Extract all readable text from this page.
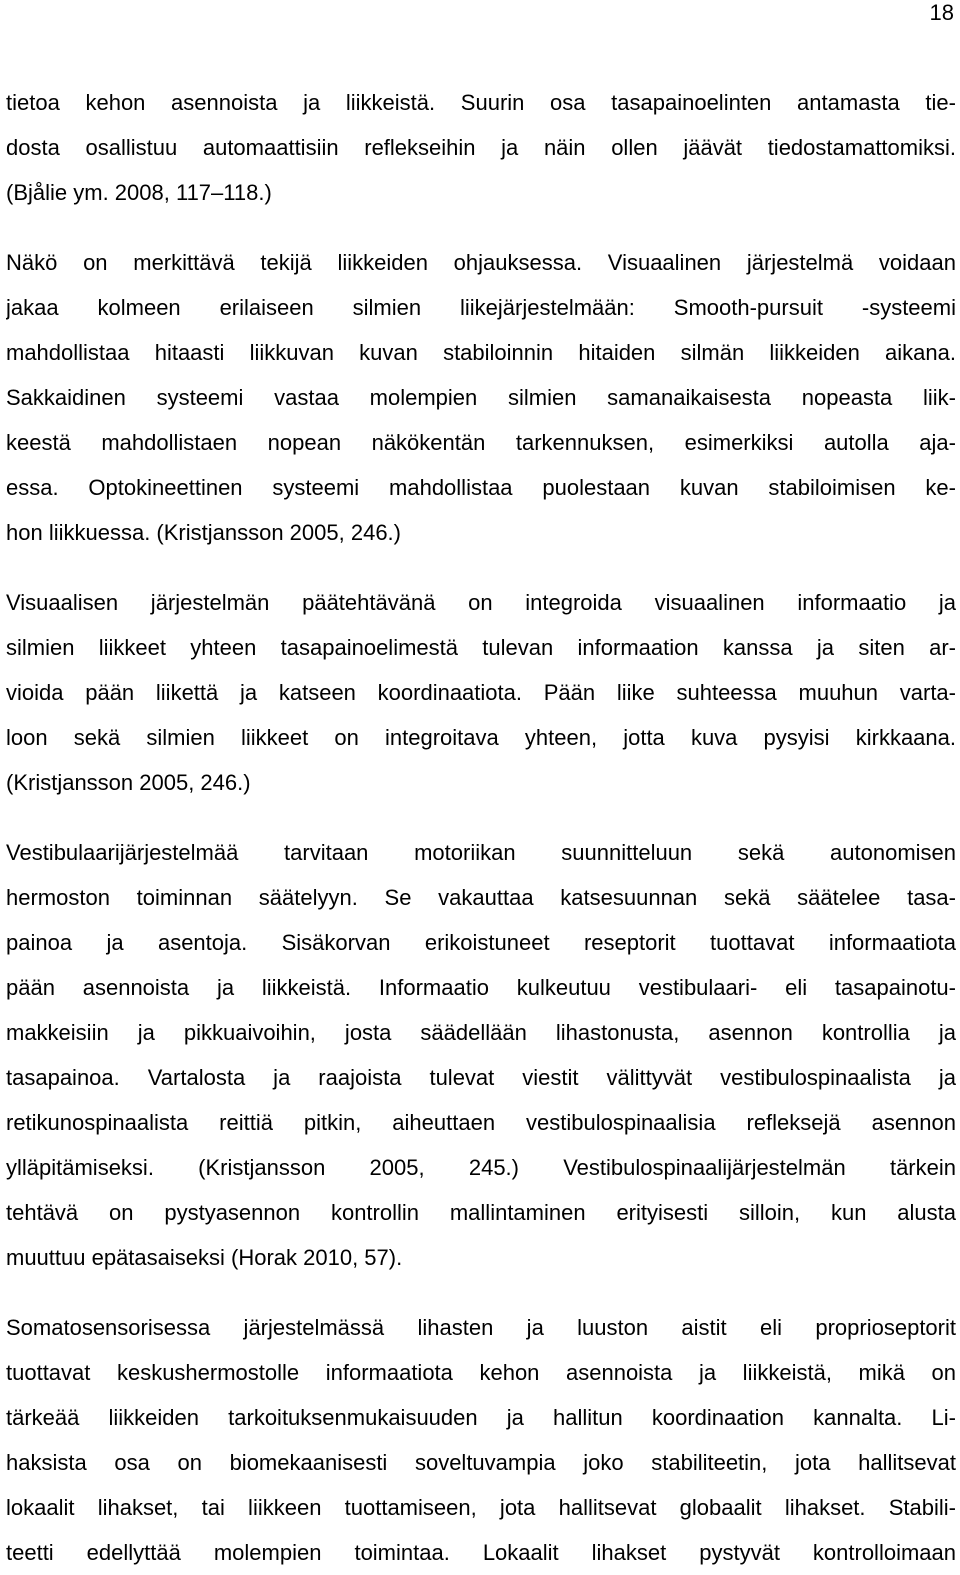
18
tietoa kehon asennoista ja liikkeistä. Suurin osa tasapainoelinten antamasta tie-
dosta osallistuu automaattisiin reflekseihin ja näin ollen jäävät tiedostamattomiksi.
(Bjålie ym. 2008, 117–118.)
Näkö on merkittävä tekijä liikkeiden ohjauksessa. Visuaalinen järjestelmä voidaan
jakaa kolmeen erilaiseen silmien liikejärjestelmään: Smooth-pursuit -systeemi
mahdollistaa hitaasti liikkuvan kuvan stabiloinnin hitaiden silmän liikkeiden aikana.
Sakkaidinen systeemi vastaa molempien silmien samanaikaisesta nopeasta liik-
keestä mahdollistaen nopean näkökentän tarkennuksen, esimerkiksi autolla aja-
essa. Optokineettinen systeemi mahdollistaa puolestaan kuvan stabiloimisen ke-
hon liikkuessa. (Kristjansson 2005, 246.)
Visuaalisen järjestelmän päätehtävänä on integroida visuaalinen informaatio ja
silmien liikkeet yhteen tasapainoelimestä tulevan informaation kanssa ja siten ar-
vioida pään liikettä ja katseen koordinaatiota. Pään liike suhteessa muuhun varta-
loon sekä silmien liikkeet on integroitava yhteen, jotta kuva pysyisi kirkkaana.
(Kristjansson 2005, 246.)
Vestibulaarijärjestelmää tarvitaan motoriikan suunnitteluun sekä autonomisen
hermoston toiminnan säätelyyn. Se vakauttaa katsesuunnan sekä säätelee tasa-
painoa ja asentoja. Sisäkorvan erikoistuneet reseptorit tuottavat informaatiota
pään asennoista ja liikkeistä. Informaatio kulkeutuu vestibulaari- eli tasapainotu-
makkeisiin ja pikkuaivoihin, josta säädellään lihastonusta, asennon kontrollia ja
tasapainoa. Vartalosta ja raajoista tulevat viestit välittyvät vestibulospinaalista ja
retikunospinaalista reittiä pitkin, aiheuttaen vestibulospinaalisia refleksejä asennon
ylläpitämiseksi. (Kristjansson 2005, 245.) Vestibulospinaalijärjestelmän tärkein
tehtävä on pystyasennon kontrollin mallintaminen erityisesti silloin, kun alusta
muuttuu epätasaiseksi (Horak 2010, 57).
Somatosensorisessa järjestelmässä lihasten ja luuston aistit eli proprioseptorit
tuottavat keskushermostolle informaatiota kehon asennoista ja liikkeistä, mikä on
tärkeää liikkeiden tarkoituksenmukaisuuden ja hallitun koordinaation kannalta. Li-
haksista osa on biomekaanisesti soveltuvampia joko stabiliteetin, jota hallitsevat
lokaalit lihakset, tai liikkeen tuottamiseen, jota hallitsevat globaalit lihakset. Stabili-
teetti edellyttää molempien toimintaa. Lokaalit lihakset pystyvät kontrolloimaan
